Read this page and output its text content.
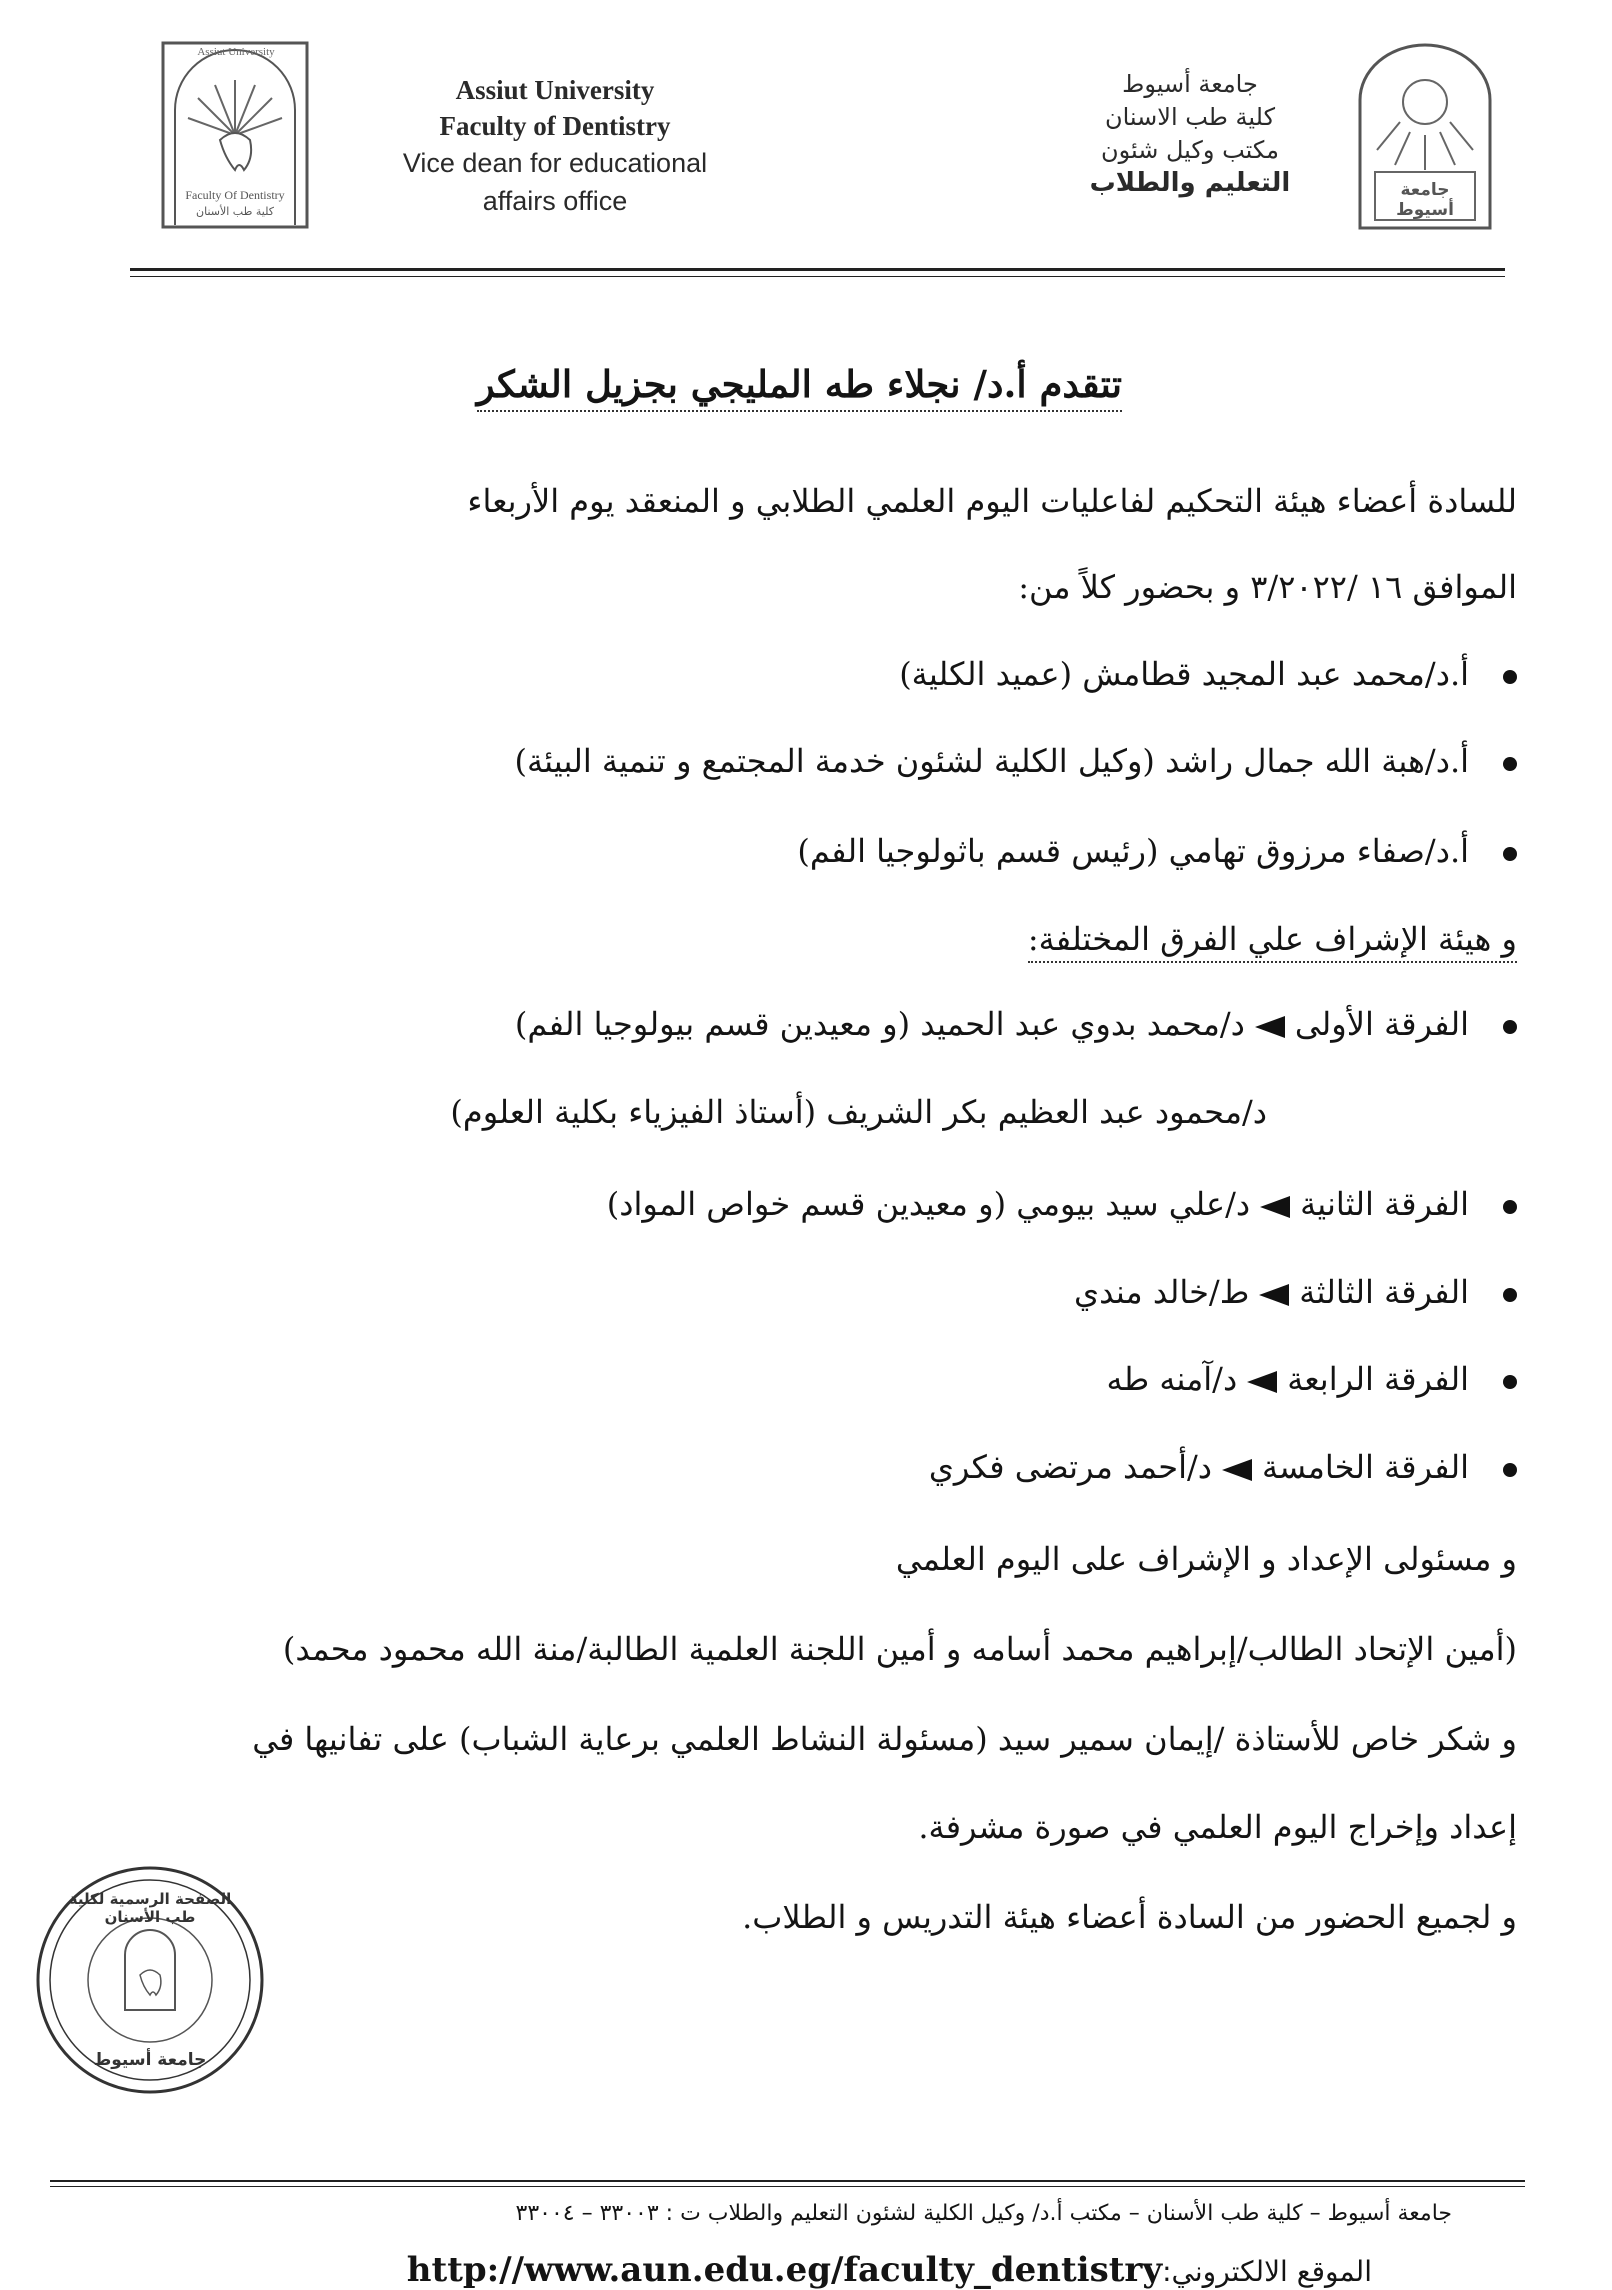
Assiut University
Faculty Of Dentistry
كلية طب الأسنان
Assiut University
Faculty of Dentistry
Vice dean for educational
affairs office
جامعة أسيوط
كلية طب الاسنان
مكتب وكيل شئون
التعليم والطلاب	جامعة أسيوط
تتقدم أ.د/ نجلاء طه المليجي بجزيل الشكر
للسادة أعضاء هيئة التحكيم لفاعليات اليوم العلمي الطلابي و المنعقد يوم الأربعاء
الموافق ١٦ /٣/٢٠٢٢ و بحضور كلاً من:
أ.د/محمد عبد المجيد قطامش (عميد الكلية)
أ.د/هبة الله جمال راشد (وكيل الكلية لشئون خدمة المجتمع و تنمية البيئة)
أ.د/صفاء مرزوق تهامي (رئيس قسم باثولوجيا الفم)
و هيئة الإشراف علي الفرق المختلفة:
الفرقة الأولىد/محمد بدوي عبد الحميد (و معيدين قسم بيولوجيا الفم)
د/محمود عبد العظيم بكر الشريف (أستاذ الفيزياء بكلية العلوم)
الفرقة الثانيةد/علي سيد بيومي (و معيدين قسم خواص المواد)
الفرقة الثالثةط/خالد مندي
الفرقة الرابعةد/آمنه طه
الفرقة الخامسةد/أحمد مرتضى فكري
و مسئولى الإعداد و الإشراف على اليوم العلمي
(أمين الإتحاد الطالب/إبراهيم محمد أسامه و أمين اللجنة العلمية الطالبة/منة الله محمود محمد)
و شكر خاص للأستاذة /إيمان سمير سيد (مسئولة النشاط العلمي برعاية الشباب) على تفانيها في
إعداد وإخراج اليوم العلمي في صورة مشرفة.
و لجميع الحضور من السادة أعضاء هيئة التدريس و الطلاب.
الصفحة الرسمية لكلية طب الأسنان
جامعة أسيوط
جامعة أسيوط – كلية طب الأسنان – مكتب أ.د/ وكيل الكلية لشئون التعليم والطلاب ت : ٣٣٠٠٣ – ٣٣٠٠٤
http://www.aun.edu.eg/faculty_dentistryالموقع الالكتروني:
